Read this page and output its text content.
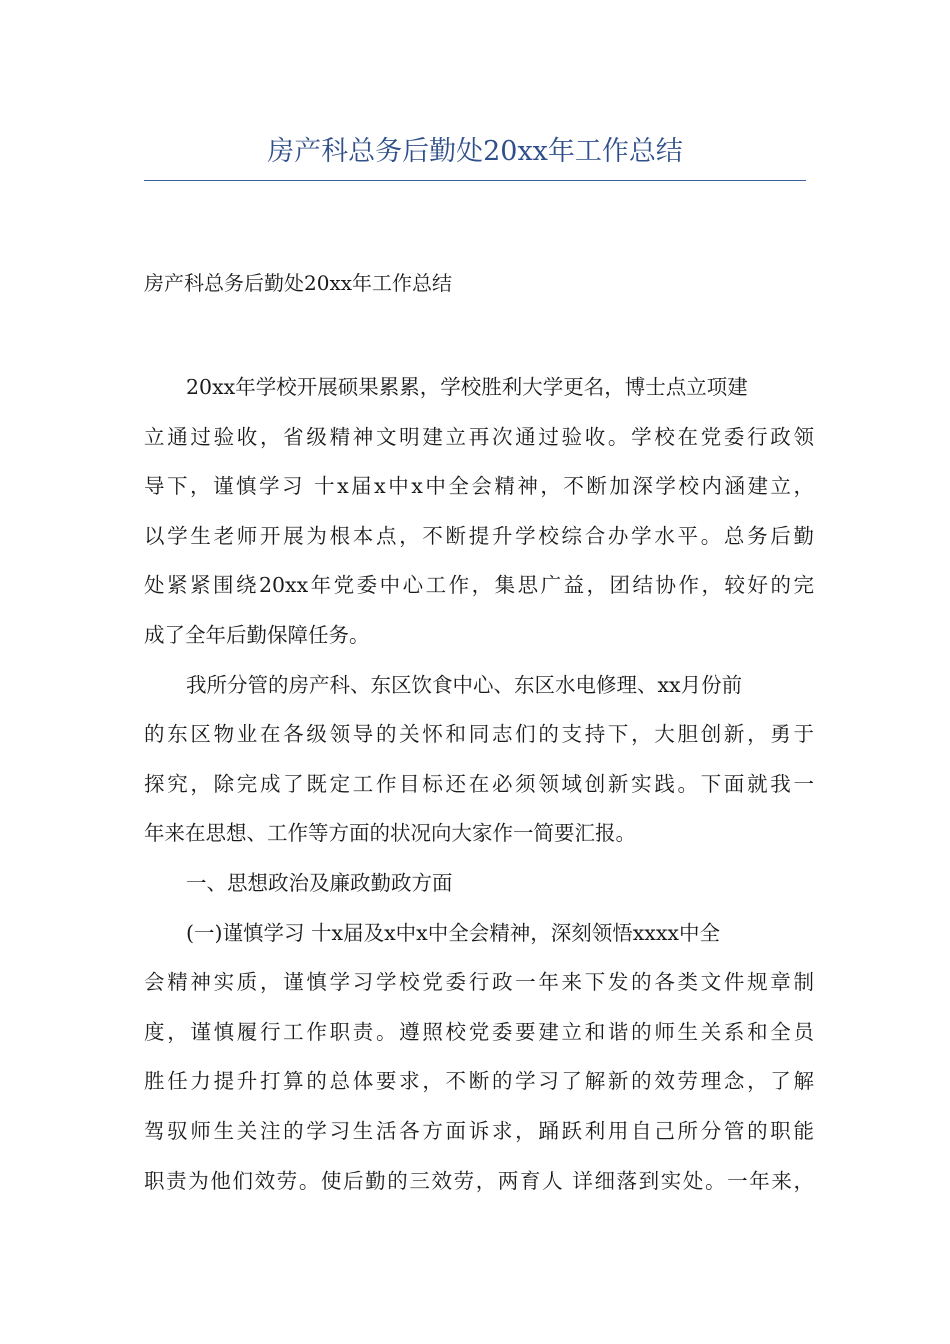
房产科总务后勤处20xx年工作总结

房产科总务后勤处20xx年工作总结

20xx年学校开展硕果累累，学校胜利大学更名，博士点立项建
立通过验收，省级精神文明建立再次通过验收。学校在党委行政领
导下，谨慎学习 十x届x中x中全会精神，不断加深学校内涵建立，
以学生老师开展为根本点，不断提升学校综合办学水平。总务后勤
处紧紧围绕20xx年党委中心工作，集思广益，团结协作，较好的完
成了全年后勤保障任务。
我所分管的房产科、东区饮食中心、东区水电修理、xx月份前
的东区物业在各级领导的关怀和同志们的支持下，大胆创新，勇于
探究，除完成了既定工作目标还在必须领域创新实践。下面就我一
年来在思想、工作等方面的状况向大家作一简要汇报。
一、思想政治及廉政勤政方面
(一)谨慎学习 十x届及x中x中全会精神，深刻领悟xxxx中全
会精神实质，谨慎学习学校党委行政一年来下发的各类文件规章制
度，谨慎履行工作职责。遵照校党委要建立和谐的师生关系和全员
胜任力提升打算的总体要求，不断的学习了解新的效劳理念，了解
驾驭师生关注的学习生活各方面诉求，踊跃利用自己所分管的职能
职责为他们效劳。使后勤的三效劳，两育人 详细落到实处。一年来，
